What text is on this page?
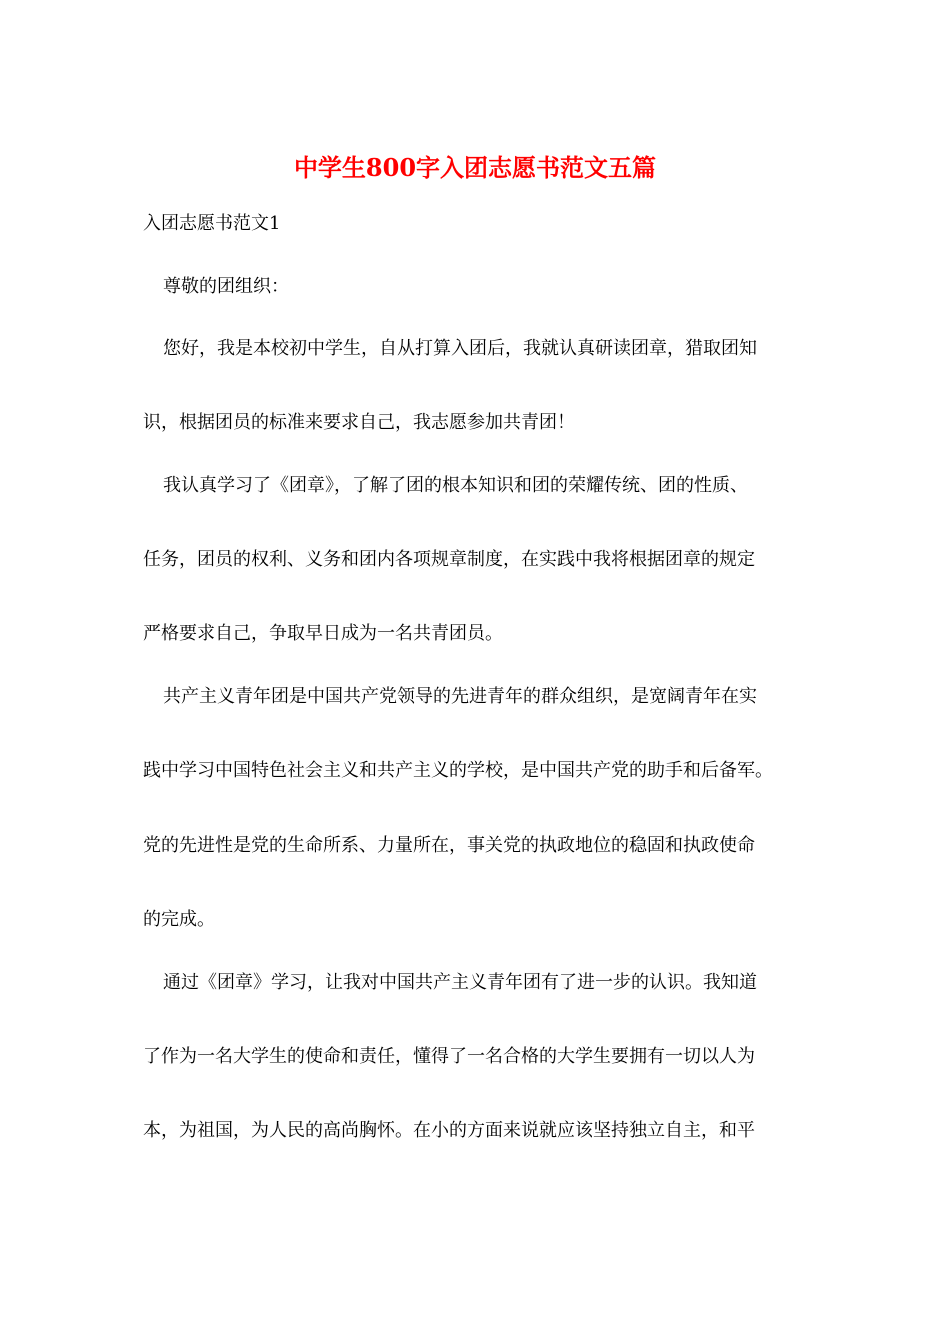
中学生800字入团志愿书范文五篇
入团志愿书范文1
尊敬的团组织：
您好，我是本校初中学生，自从打算入团后，我就认真研读团章，猎取团知
识，根据团员的标准来要求自己，我志愿参加共青团！
我认真学习了《团章》，了解了团的根本知识和团的荣耀传统、团的性质、
任务，团员的权利、义务和团内各项规章制度，在实践中我将根据团章的规定
严格要求自己，争取早日成为一名共青团员。
共产主义青年团是中国共产党领导的先进青年的群众组织，是宽阔青年在实
践中学习中国特色社会主义和共产主义的学校，是中国共产党的助手和后备军。
党的先进性是党的生命所系、力量所在，事关党的执政地位的稳固和执政使命
的完成。
通过《团章》学习，让我对中国共产主义青年团有了进一步的认识。我知道
了作为一名大学生的使命和责任，懂得了一名合格的大学生要拥有一切以人为
本，为祖国，为人民的高尚胸怀。在小的方面来说就应该坚持独立自主，和平
